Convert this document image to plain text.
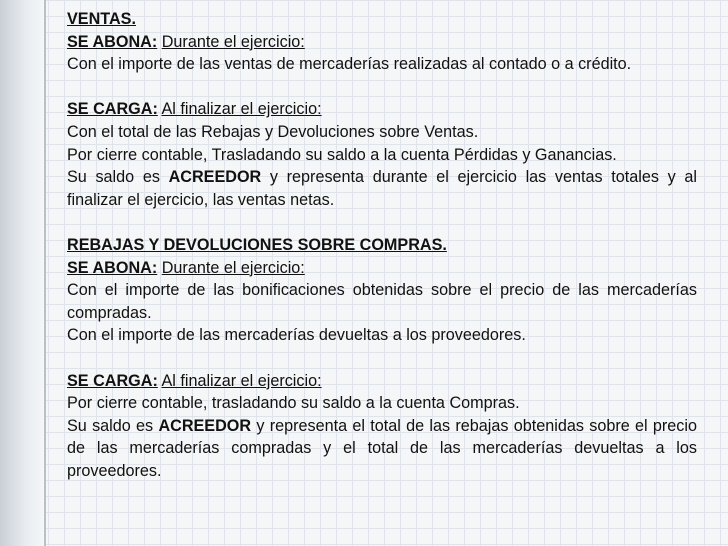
VENTAS.

SE ABONA: Durante el ejercicio:

Con el importe de las ventas de mercaderías realizadas al contado o a crédito.

SE CARGA: Al finalizar el ejercicio:

Con el total de las Rebajas y Devoluciones sobre Ventas.

Por cierre contable, Trasladando su saldo a la cuenta Pérdidas y Ganancias.

Su saldo es ACREEDOR y representa durante el ejercicio las ventas totales y al finalizar el ejercicio, las ventas netas.

REBAJAS Y DEVOLUCIONES SOBRE COMPRAS.

SE ABONA: Durante el ejercicio:

Con el importe de las bonificaciones obtenidas sobre el precio de las mercaderías compradas.

Con el importe de las mercaderías devueltas a los proveedores.

SE CARGA: Al finalizar el ejercicio:

Por cierre contable, trasladando su saldo a la cuenta Compras.

Su saldo es ACREEDOR y representa el total de las rebajas obtenidas sobre el precio de las mercaderías compradas y el total de las mercaderías devueltas a los proveedores.
